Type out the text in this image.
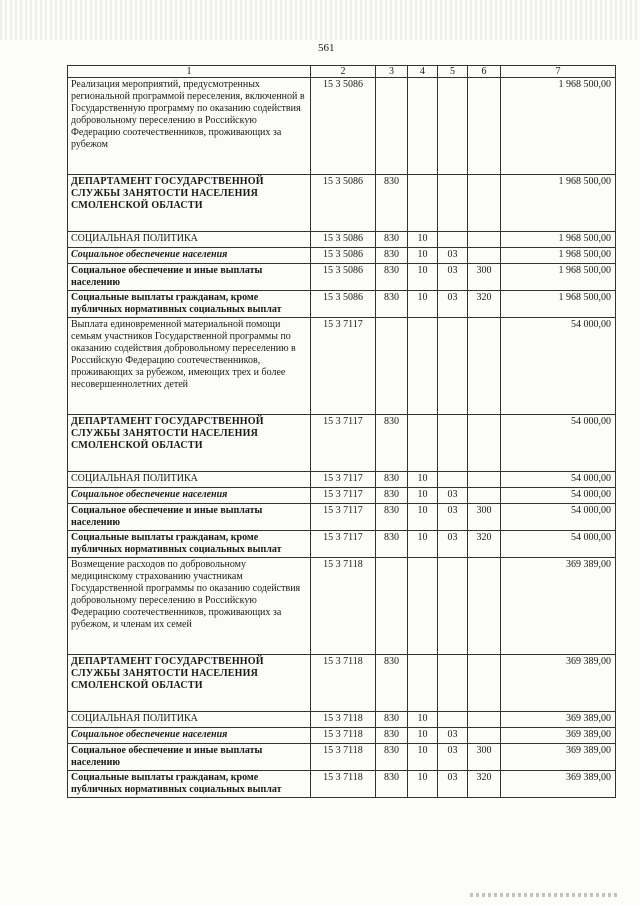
561
1	2	3	4	5	6	7
Реализация мероприятий, предусмотренных региональной программой переселения, включенной в Государственную программу по оказанию содействия добровольному переселению в Российскую Федерацию соотечественников, проживающих за рубежом	15 3 5086					1 968 500,00
ДЕПАРТАМЕНТ ГОСУДАРСТВЕННОЙ СЛУЖБЫ ЗАНЯТОСТИ НАСЕЛЕНИЯ СМОЛЕНСКОЙ ОБЛАСТИ	15 3 5086	830				1 968 500,00
СОЦИАЛЬНАЯ ПОЛИТИКА	15 3 5086	830	10			1 968 500,00
Социальное обеспечение населения	15 3 5086	830	10	03		1 968 500,00
Социальное обеспечение и иные выплаты населению	15 3 5086	830	10	03	300	1 968 500,00
Социальные выплаты гражданам, кроме публичных нормативных социальных выплат	15 3 5086	830	10	03	320	1 968 500,00
Выплата единовременной материальной помощи семьям участников Государственной программы по оказанию содействия добровольному переселению в Российскую Федерацию соотечественников, проживающих за рубежом, имеющих трех и более несовершеннолетних детей	15 3 7117					54 000,00
ДЕПАРТАМЕНТ ГОСУДАРСТВЕННОЙ СЛУЖБЫ ЗАНЯТОСТИ НАСЕЛЕНИЯ СМОЛЕНСКОЙ ОБЛАСТИ	15 3 7117	830				54 000,00
СОЦИАЛЬНАЯ ПОЛИТИКА	15 3 7117	830	10			54 000,00
Социальное обеспечение населения	15 3 7117	830	10	03		54 000,00
Социальное обеспечение и иные выплаты населению	15 3 7117	830	10	03	300	54 000,00
Социальные выплаты гражданам, кроме публичных нормативных социальных выплат	15 3 7117	830	10	03	320	54 000,00
Возмещение расходов по добровольному медицинскому страхованию участникам Государственной программы по оказанию содействия добровольному переселению в Российскую Федерацию соотечественников, проживающих за рубежом, и членам их семей	15 3 7118					369 389,00
ДЕПАРТАМЕНТ ГОСУДАРСТВЕННОЙ СЛУЖБЫ ЗАНЯТОСТИ НАСЕЛЕНИЯ СМОЛЕНСКОЙ ОБЛАСТИ	15 3 7118	830				369 389,00
СОЦИАЛЬНАЯ ПОЛИТИКА	15 3 7118	830	10			369 389,00
Социальное обеспечение населения	15 3 7118	830	10	03		369 389,00
Социальное обеспечение и иные выплаты населению	15 3 7118	830	10	03	300	369 389,00
Социальные выплаты гражданам, кроме публичных нормативных социальных выплат	15 3 7118	830	10	03	320	369 389,00
